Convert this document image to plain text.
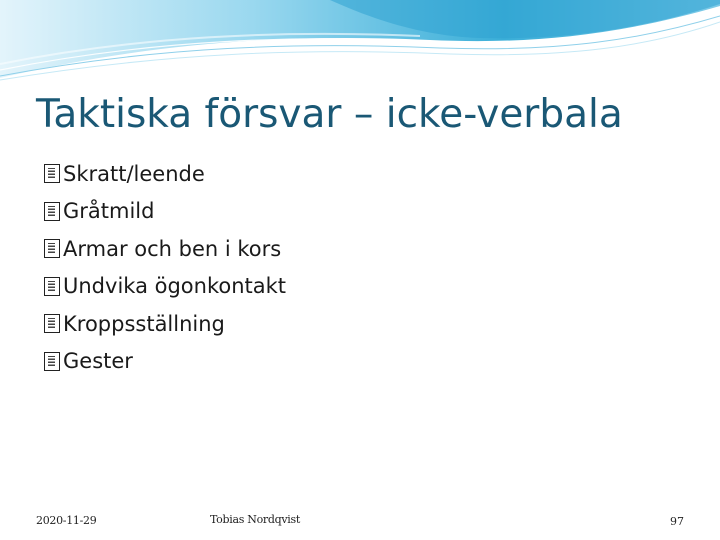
Taktiska försvar – icke-verbala
Skratt/leende
Gråtmild
Armar och ben i kors
Undvika ögonkontakt
Kroppsställning
Gester
2020-11-29	Tobias Nordqvist	97
